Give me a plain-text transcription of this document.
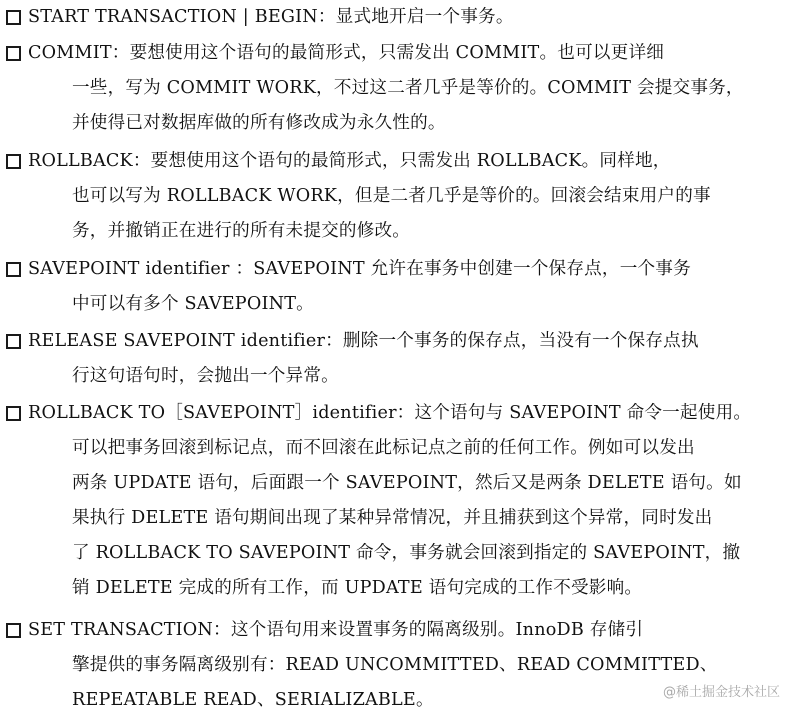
START TRANSACTION | BEGIN：显式地开启一个事务。
COMMIT：要想使用这个语句的最简形式，只需发出 COMMIT。也可以更详细
一些，写为 COMMIT WORK，不过这二者几乎是等价的。COMMIT 会提交事务，
并使得已对数据库做的所有修改成为永久性的。
ROLLBACK：要想使用这个语句的最简形式，只需发出 ROLLBACK。同样地，
也可以写为 ROLLBACK WORK，但是二者几乎是等价的。回滚会结束用户的事
务，并撤销正在进行的所有未提交的修改。
SAVEPOINT identifier ：SAVEPOINT 允许在事务中创建一个保存点，一个事务
中可以有多个 SAVEPOINT。
RELEASE SAVEPOINT identifier：删除一个事务的保存点，当没有一个保存点执
行这句语句时，会抛出一个异常。
ROLLBACK TO［SAVEPOINT］identifier：这个语句与 SAVEPOINT 命令一起使用。
可以把事务回滚到标记点，而不回滚在此标记点之前的任何工作。例如可以发出
两条 UPDATE 语句，后面跟一个 SAVEPOINT，然后又是两条 DELETE 语句。如
果执行 DELETE 语句期间出现了某种异常情况，并且捕获到这个异常，同时发出
了 ROLLBACK TO SAVEPOINT 命令，事务就会回滚到指定的 SAVEPOINT，撤
销 DELETE 完成的所有工作，而 UPDATE 语句完成的工作不受影响。
SET TRANSACTION：这个语句用来设置事务的隔离级别。InnoDB 存储引
擎提供的事务隔离级别有：READ UNCOMMITTED、READ COMMITTED、
REPEATABLE READ、SERIALIZABLE。	@稀土掘金技术社区
